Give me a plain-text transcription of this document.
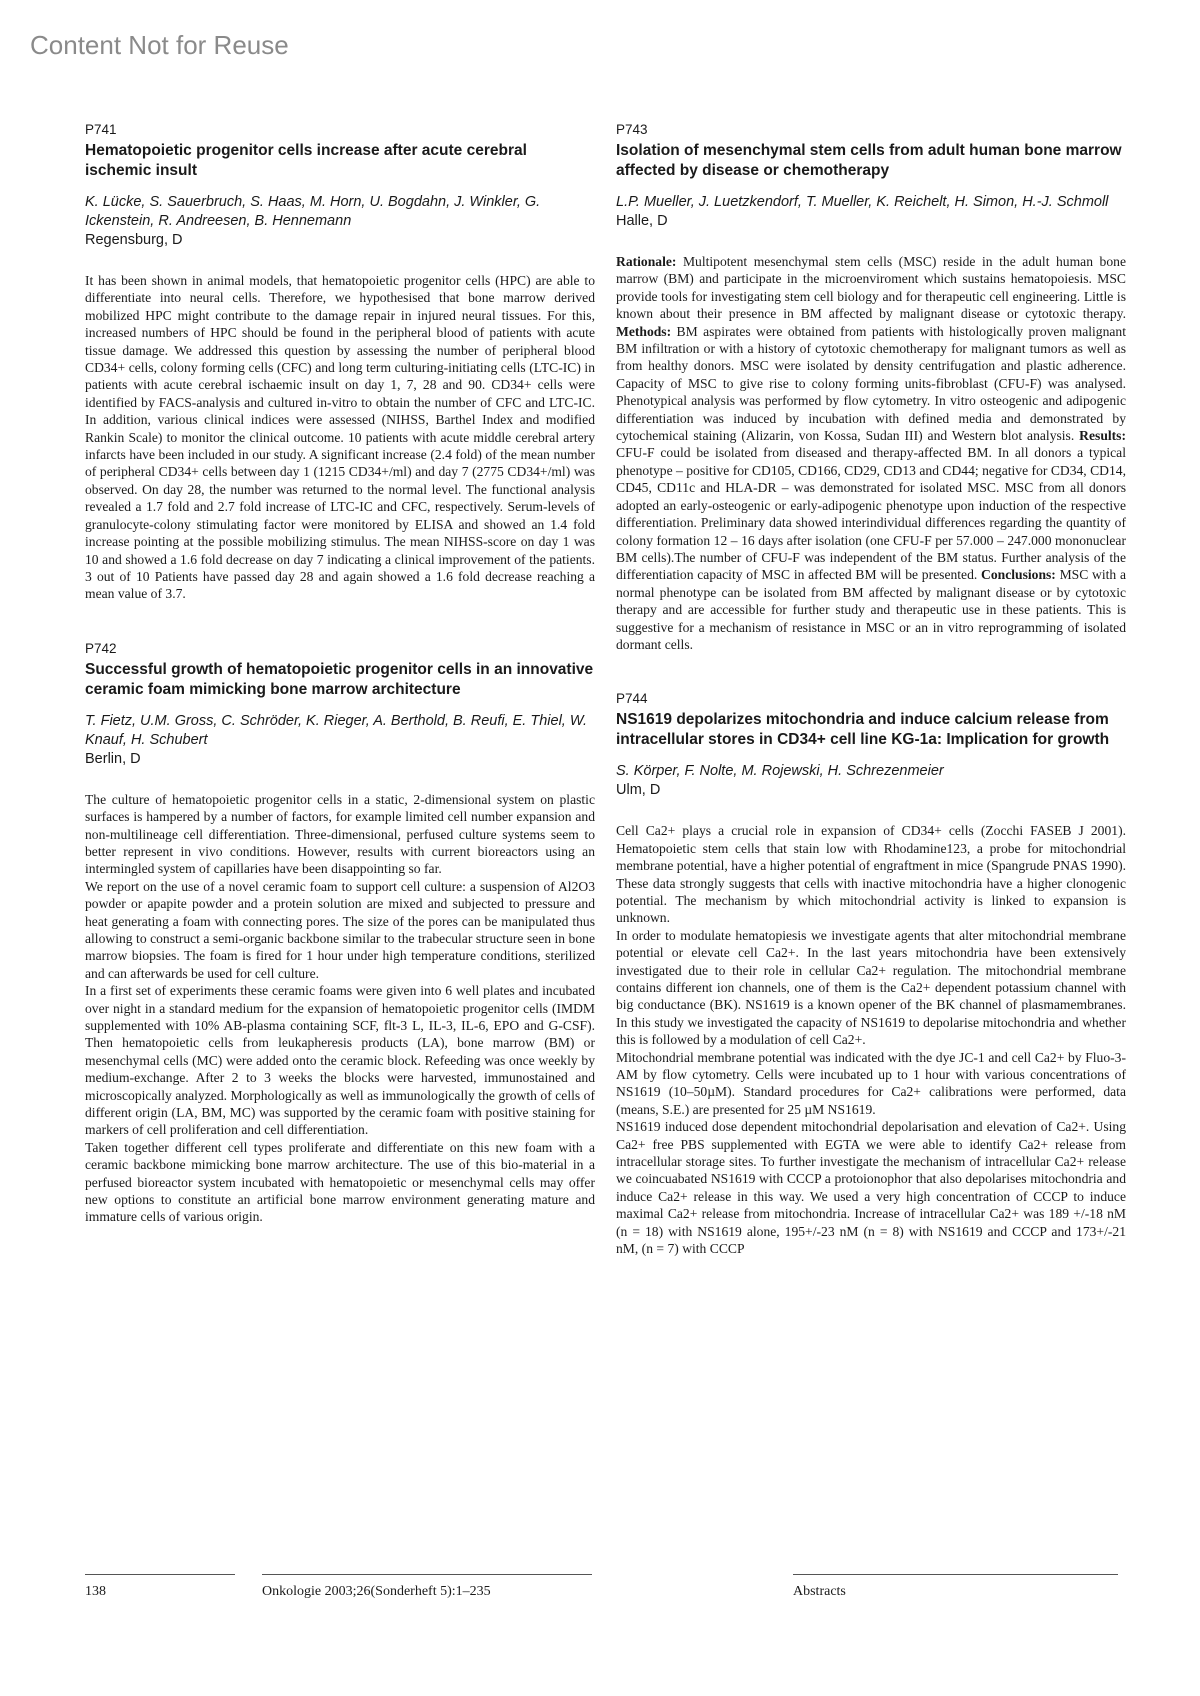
Content Not for Reuse
P741
Hematopoietic progenitor cells increase after acute cerebral ischemic insult
K. Lücke, S. Sauerbruch, S. Haas, M. Horn, U. Bogdahn, J. Winkler, G. Ickenstein, R. Andreesen, B. Hennemann
Regensburg, D

It has been shown in animal models, that hematopoietic progenitor cells (HPC) are able to differentiate into neural cells. Therefore, we hypothesised that bone marrow derived mobilized HPC might contribute to the damage repair in injured neural tissues. For this, increased numbers of HPC should be found in the peripheral blood of patients with acute tissue damage. We addressed this question by assessing the number of peripheral blood CD34+ cells, colony forming cells (CFC) and long term culturing-initiating cells (LTC-IC) in patients with acute cerebral ischaemic insult on day 1, 7, 28 and 90. CD34+ cells were identified by FACS-analysis and cultured in-vitro to obtain the number of CFC and LTC-IC. In addition, various clinical indices were assessed (NIHSS, Barthel Index and modified Rankin Scale) to monitor the clinical outcome. 10 patients with acute middle cerebral artery infarcts have been included in our study. A significant increase (2.4 fold) of the mean number of peripheral CD34+ cells between day 1 (1215 CD34+/ml) and day 7 (2775 CD34+/ml) was observed. On day 28, the number was returned to the normal level. The functional analysis revealed a 1.7 fold and 2.7 fold increase of LTC-IC and CFC, respectively. Serum-levels of granulocyte-colony stimulating factor were monitored by ELISA and showed an 1.4 fold increase pointing at the possible mobilizing stimulus. The mean NIHSS-score on day 1 was 10 and showed a 1.6 fold decrease on day 7 indicating a clinical improvement of the patients. 3 out of 10 Patients have passed day 28 and again showed a 1.6 fold decrease reaching a mean value of 3.7.

P742
Successful growth of hematopoietic progenitor cells in an innovative ceramic foam mimicking bone marrow architecture
T. Fietz, U.M. Gross, C. Schröder, K. Rieger, A. Berthold, B. Reufi, E. Thiel, W. Knauf, H. Schubert
Berlin, D

The culture of hematopoietic progenitor cells in a static, 2-dimensional system on plastic surfaces is hampered by a number of factors, for example limited cell number expansion and non-multilineage cell differentiation. Three-dimensional, perfused culture systems seem to better represent in vivo conditions. However, results with current bioreactors using an intermingled system of capillaries have been disappointing so far.

We report on the use of a novel ceramic foam to support cell culture: a suspension of Al2O3 powder or apapite powder and a protein solution are mixed and subjected to pressure and heat generating a foam with connecting pores. The size of the pores can be manipulated thus allowing to construct a semi-organic backbone similar to the trabecular structure seen in bone marrow biopsies. The foam is fired for 1 hour under high temperature conditions, sterilized and can afterwards be used for cell culture.

In a first set of experiments these ceramic foams were given into 6 well plates and incubated over night in a standard medium for the expansion of hematopoietic progenitor cells (IMDM supplemented with 10% AB-plasma containing SCF, flt-3 L, IL-3, IL-6, EPO and G-CSF). Then hematopoietic cells from leukapheresis products (LA), bone marrow (BM) or mesenchymal cells (MC) were added onto the ceramic block. Refeeding was once weekly by medium-exchange. After 2 to 3 weeks the blocks were harvested, immunostained and microscopically analyzed. Morphologically as well as immunologically the growth of cells of different origin (LA, BM, MC) was supported by the ceramic foam with positive staining for markers of cell proliferation and cell differentiation.

Taken together different cell types proliferate and differentiate on this new foam with a ceramic backbone mimicking bone marrow architecture. The use of this bio-material in a perfused bioreactor system incubated with hematopoietic or mesenchymal cells may offer new options to constitute an artificial bone marrow environment generating mature and immature cells of various origin.

P743
Isolation of mesenchymal stem cells from adult human bone marrow affected by disease or chemotherapy
L.P. Mueller, J. Luetzkendorf, T. Mueller, K. Reichelt, H. Simon, H.-J. Schmoll
Halle, D

Rationale: Multipotent mesenchymal stem cells (MSC) reside in the adult human bone marrow (BM) and participate in the microenviroment which sustains hematopoiesis. MSC provide tools for investigating stem cell biology and for therapeutic cell engineering. Little is known about their presence in BM affected by malignant disease or cytotoxic therapy. Methods: BM aspirates were obtained from patients with histologically proven malignant BM infiltration or with a history of cytotoxic chemotherapy for malignant tumors as well as from healthy donors. MSC were isolated by density centrifugation and plastic adherence. Capacity of MSC to give rise to colony forming units-fibroblast (CFU-F) was analysed. Phenotypical analysis was performed by flow cytometry. In vitro osteogenic and adipogenic differentiation was induced by incubation with defined media and demonstrated by cytochemical staining (Alizarin, von Kossa, Sudan III) and Western blot analysis. Results: CFU-F could be isolated from diseased and therapy-affected BM. In all donors a typical phenotype – positive for CD105, CD166, CD29, CD13 and CD44; negative for CD34, CD14, CD45, CD11c and HLA-DR – was demonstrated for isolated MSC. MSC from all donors adopted an early-osteogenic or early-adipogenic phenotype upon induction of the respective differentiation. Preliminary data showed interindividual differences regarding the quantity of colony formation 12 – 16 days after isolation (one CFU-F per 57.000 – 247.000 mononuclear BM cells).The number of CFU-F was independent of the BM status. Further analysis of the differentiation capacity of MSC in affected BM will be presented. Conclusions: MSC with a normal phenotype can be isolated from BM affected by malignant disease or by cytotoxic therapy and are accessible for further study and therapeutic use in these patients. This is suggestive for a mechanism of resistance in MSC or an in vitro reprogramming of isolated dormant cells.

P744
NS1619 depolarizes mitochondria and induce calcium release from intracellular stores in CD34+ cell line KG-1a: Implication for growth
S. Körper, F. Nolte, M. Rojewski, H. Schrezenmeier
Ulm, D

Cell Ca2+ plays a crucial role in expansion of CD34+ cells (Zocchi FASEB J 2001). Hematopoietic stem cells that stain low with Rhodamine123, a probe for mitochondrial membrane potential, have a higher potential of engraftment in mice (Spangrude PNAS 1990). These data strongly suggests that cells with inactive mitochondria have a higher clonogenic potential. The mechanism by which mitochondrial activity is linked to expansion is unknown.

In order to modulate hematopiesis we investigate agents that alter mitochondrial membrane potential or elevate cell Ca2+. In the last years mitochondria have been extensively investigated due to their role in cellular Ca2+ regulation. The mitochondrial membrane contains different ion channels, one of them is the Ca2+ dependent potassium channel with big conductance (BK). NS1619 is a known opener of the BK channel of plasmamembranes. In this study we investigated the capacity of NS1619 to depolarise mitochondria and whether this is followed by a modulation of cell Ca2+.

Mitochondrial membrane potential was indicated with the dye JC-1 and cell Ca2+ by Fluo-3-AM by flow cytometry. Cells were incubated up to 1 hour with various concentrations of NS1619 (10–50µM). Standard procedures for Ca2+ calibrations were performed, data (means, S.E.) are presented for 25 µM NS1619.

NS1619 induced dose dependent mitochondrial depolarisation and elevation of Ca2+. Using Ca2+ free PBS supplemented with EGTA we were able to identify Ca2+ release from intracellular storage sites. To further investigate the mechanism of intracellular Ca2+ release we coincuabated NS1619 with CCCP a protoionophor that also depolarises mitochondria and induce Ca2+ release in this way. We used a very high concentration of CCCP to induce maximal Ca2+ release from mitochondria. Increase of intracellular Ca2+ was 189 +/-18 nM (n = 18) with NS1619 alone, 195+/-23 nM (n = 8) with NS1619 and CCCP and 173+/-21 nM, (n = 7) with CCCP

138	Onkologie 2003;26(Sonderheft 5):1–235	Abstracts
